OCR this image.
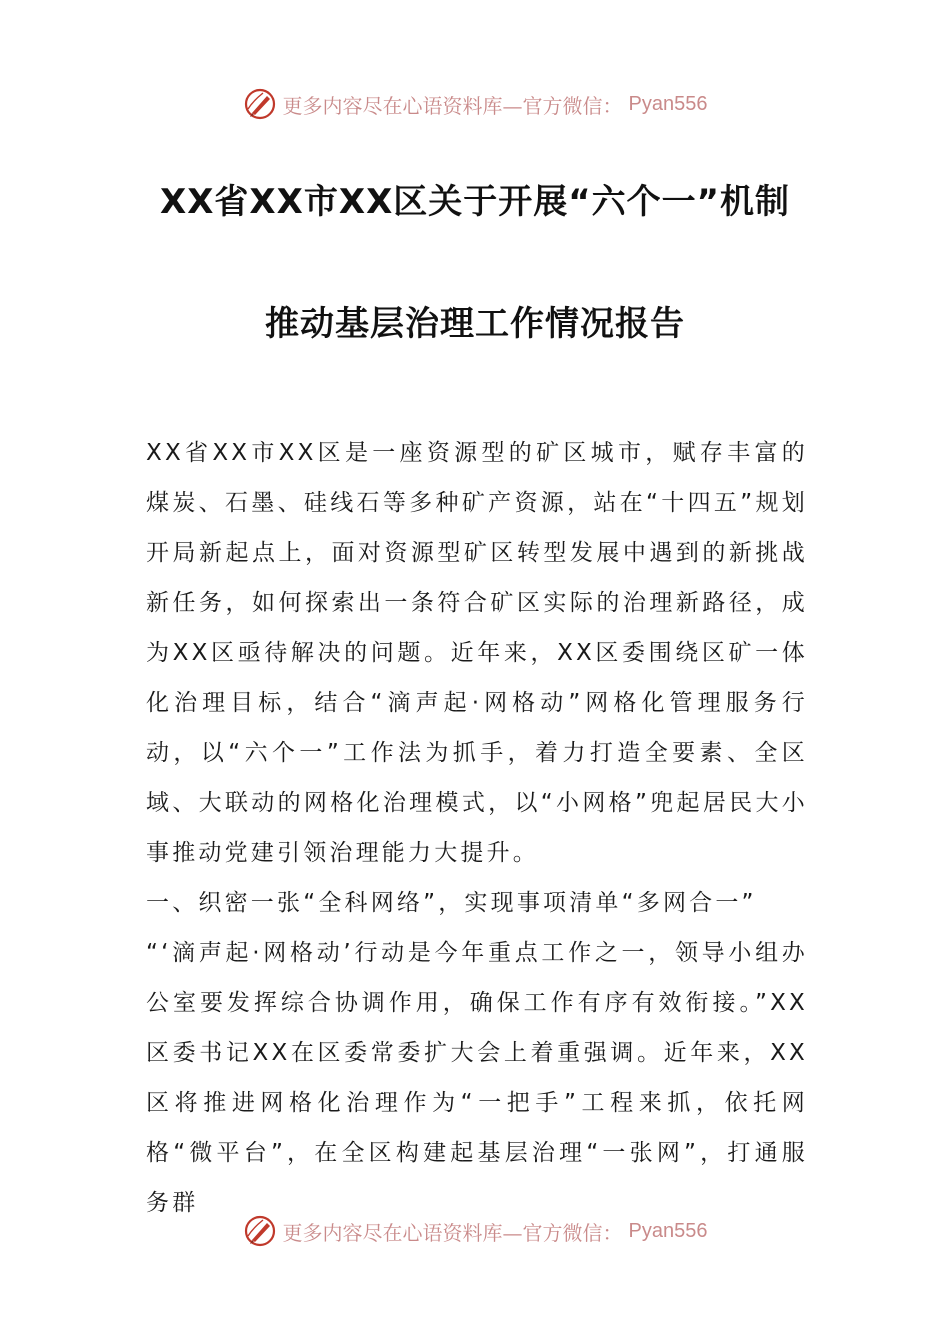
更多内容尽在心语资料库—官方微信： Pyan556
XX省XX市XX区关于开展“六个一”机制
推动基层治理工作情况报告

XX省XX市XX区是一座资源型的矿区城市，赋存丰富的煤炭、石墨、硅线石等多种矿产资源，站在“十四五”规划开局新起点上，面对资源型矿区转型发展中遇到的新挑战新任务，如何探索出一条符合矿区实际的治理新路径，成为XX区亟待解决的问题。近年来，XX区委围绕区矿一体化治理目标，结合“滴声起·网格动”网格化管理服务行动，以“六个一”工作法为抓手，着力打造全要素、全区域、大联动的网格化治理模式，以“小网格”兜起居民大小事推动党建引领治理能力大提升。

一、织密一张“全科网络”，实现事项清单“多网合一”

“‘滴声起·网格动’行动是今年重点工作之一，领导小组办公室要发挥综合协调作用，确保工作有序有效衔接。”XX区委书记XX在区委常委扩大会上着重强调。近年来，XX区将推进网格化治理作为“一把手”工程来抓，依托网格“微平台”，在全区构建起基层治理“一张网”，打通服务群

更多内容尽在心语资料库—官方微信： Pyan556
